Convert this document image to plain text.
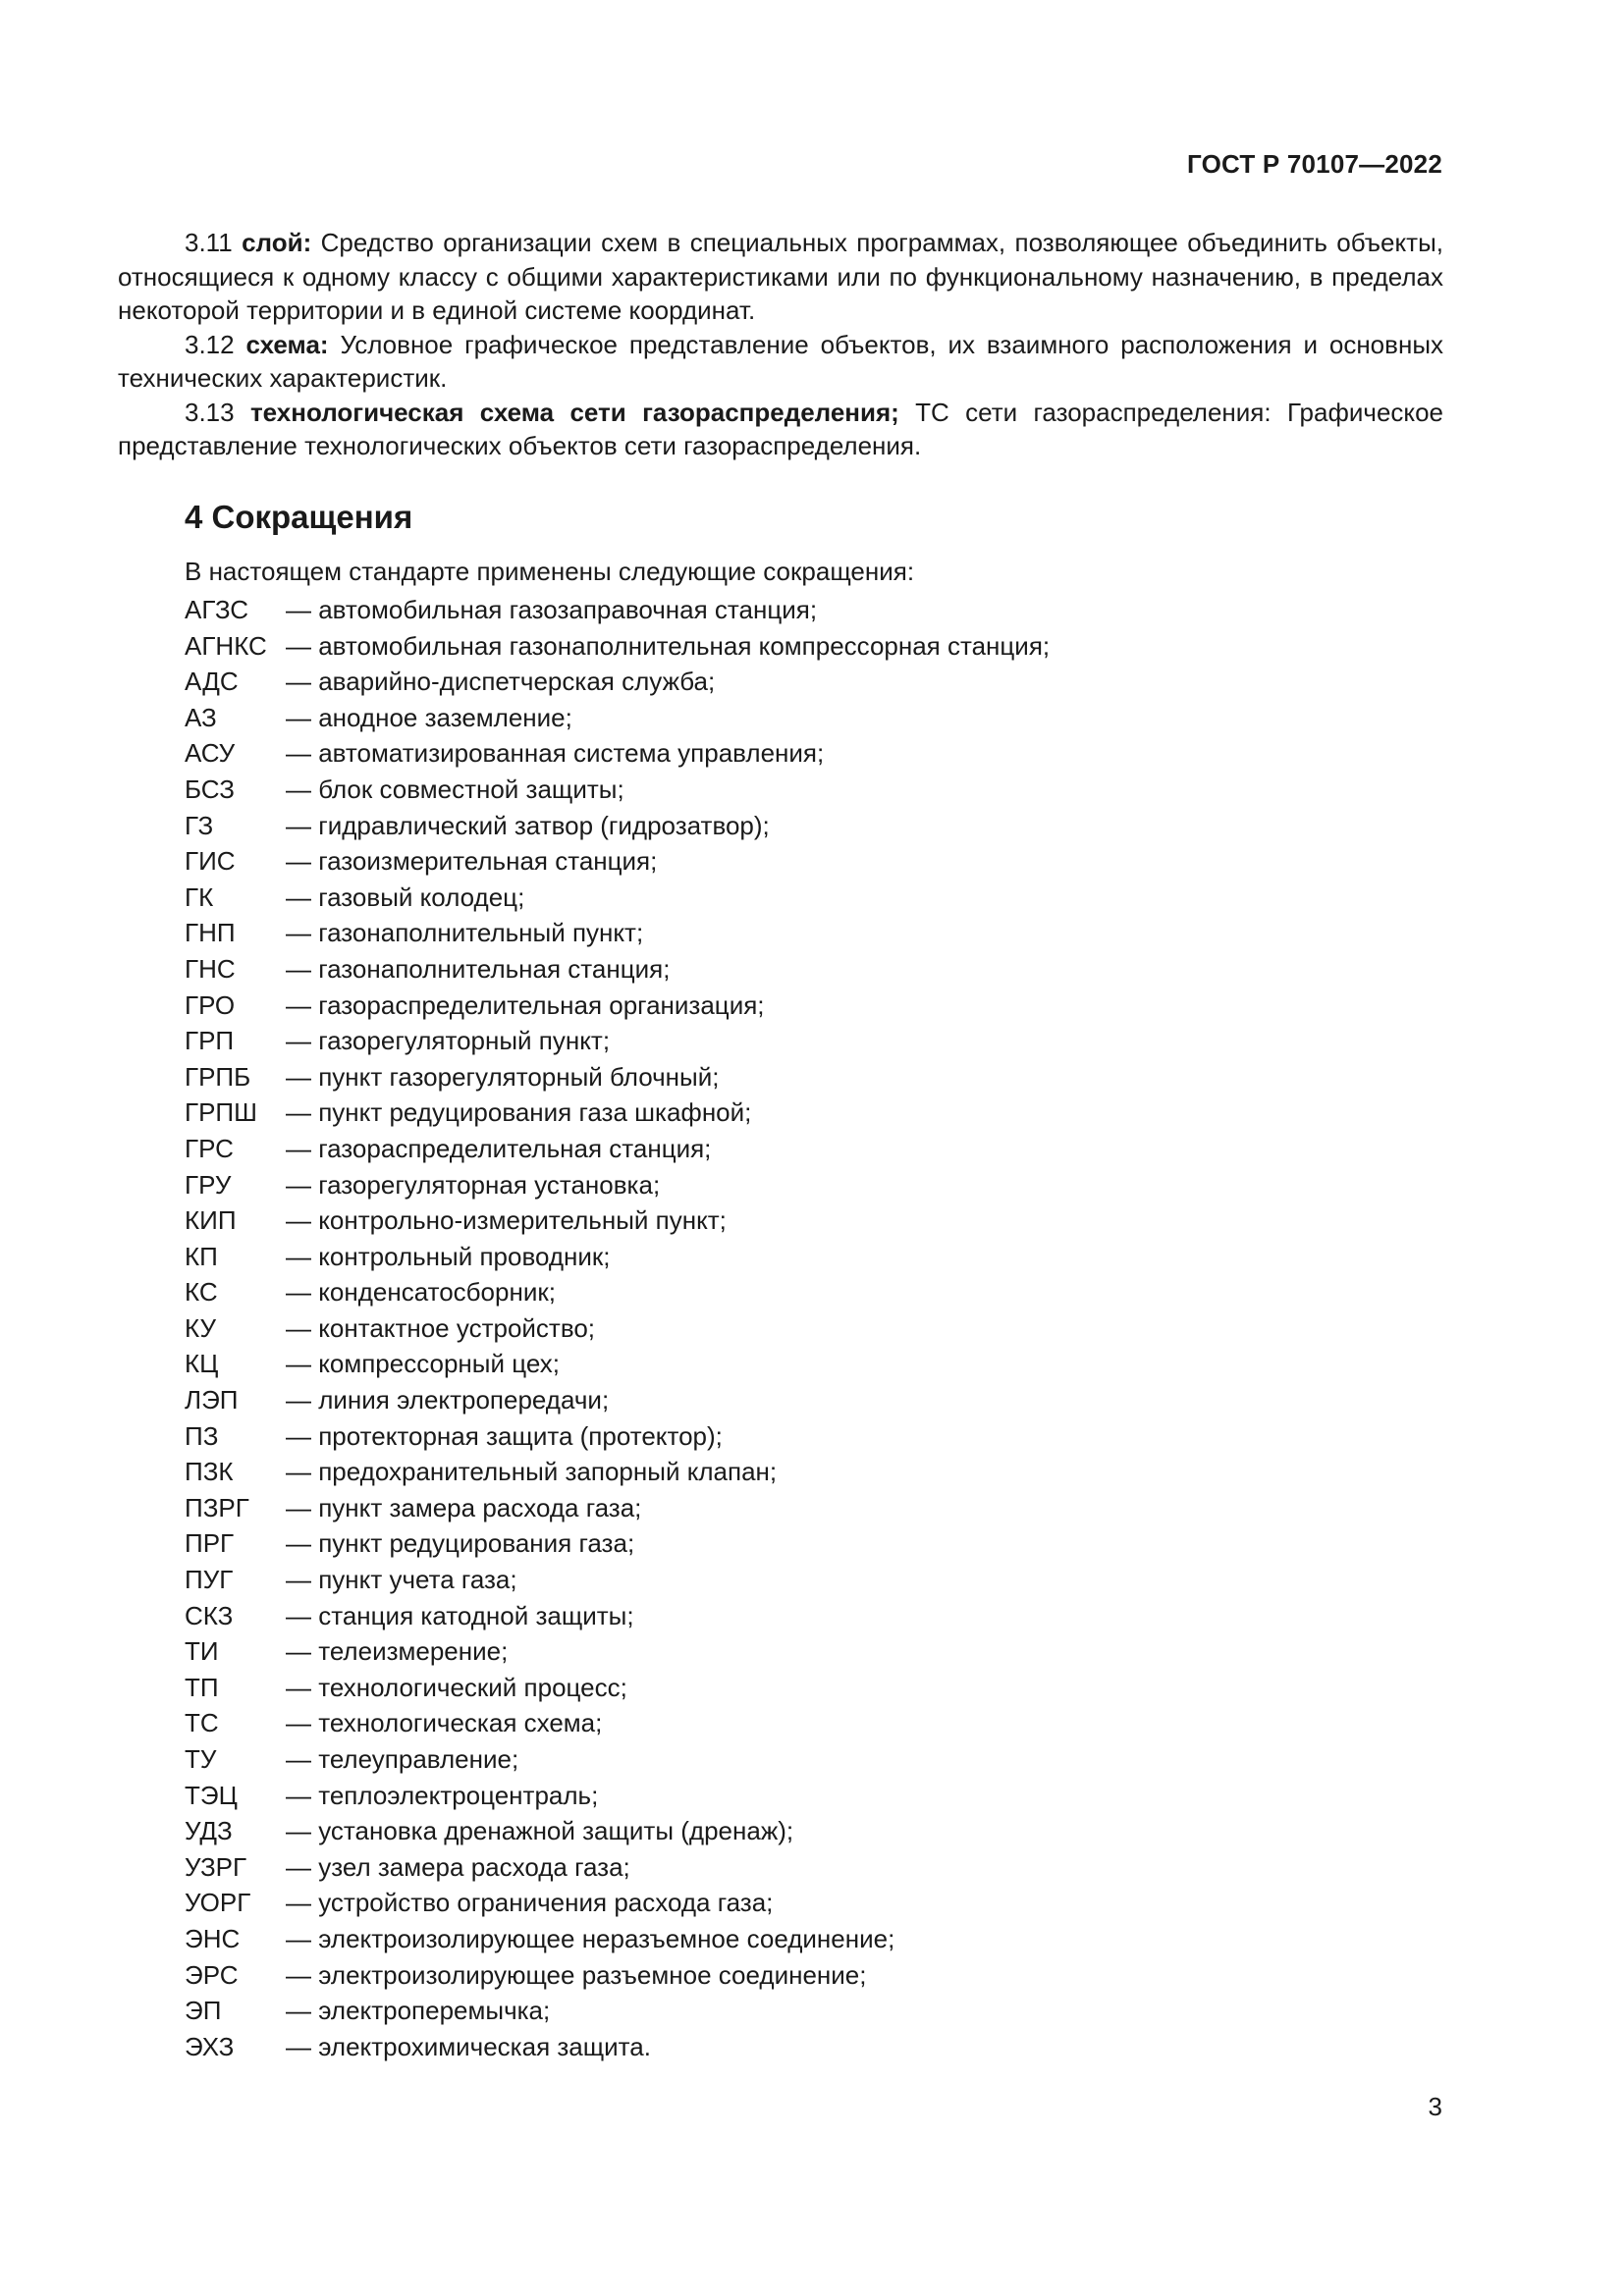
ГОСТ Р 70107—2022

3.11 слой: Средство организации схем в специальных программах, позволяющее объединить объекты, относящиеся к одному классу с общими характеристиками или по функциональному назначению, в пределах некоторой территории и в единой системе координат.

3.12 схема: Условное графическое представление объектов, их взаимного расположения и основных технических характеристик.

3.13 технологическая схема сети газораспределения; ТС сети газораспределения: Графическое представление технологических объектов сети газораспределения.

4 Сокращения
В настоящем стандарте применены следующие сокращения:
АГЗС	— автомобильная газозаправочная станция;
АГНКС — автомобильная газонаполнительная компрессорная станция;
АДС	— аварийно-диспетчерская служба;
АЗ	— анодное заземление;
АСУ	— автоматизированная система управления;
БСЗ	— блок совместной защиты;
ГЗ	— гидравлический затвор (гидрозатвор);
ГИС	— газоизмерительная станция;
ГК	— газовый колодец;
ГНП	— газонаполнительный пункт;
ГНС	— газонаполнительная станция;
ГРО	— газораспределительная организация;
ГРП	— газорегуляторный пункт;
ГРПБ	— пункт газорегуляторный блочный;
ГРПШ	— пункт редуцирования газа шкафной;
ГРС	— газораспределительная станция;
ГРУ	— газорегуляторная установка;
КИП	— контрольно-измерительный пункт;
КП	— контрольный проводник;
КС	— конденсатосборник;
КУ	— контактное устройство;
КЦ	— компрессорный цех;
ЛЭП	— линия электропередачи;
ПЗ	— протекторная защита (протектор);
ПЗК	— предохранительный запорный клапан;
ПЗРГ	— пункт замера расхода газа;
ПРГ	— пункт редуцирования газа;
ПУГ	— пункт учета газа;
СКЗ	— станция катодной защиты;
ТИ	— телеизмерение;
ТП	— технологический процесс;
ТС	— технологическая схема;
ТУ	— телеуправление;
ТЭЦ	— теплоэлектроцентраль;
УДЗ	— установка дренажной защиты (дренаж);
УЗРГ	— узел замера расхода газа;
УОРГ	— устройство ограничения расхода газа;
ЭНС	— электроизолирующее неразъемное соединение;
ЭРС	— электроизолирующее разъемное соединение;
ЭП	— электроперемычка;
ЭХЗ	— электрохимическая защита.
3
